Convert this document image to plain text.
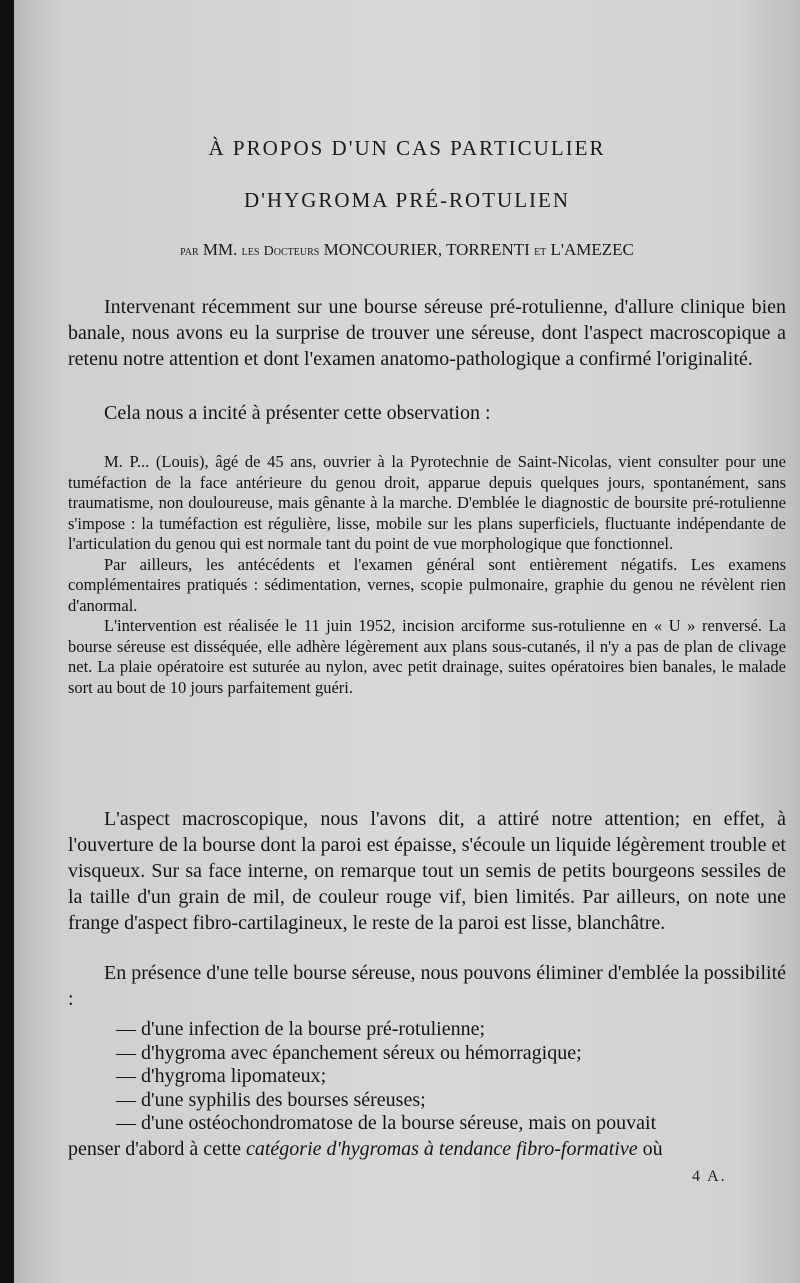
À PROPOS D'UN CAS PARTICULIER
D'HYGROMA PRÉ-ROTULIEN
par MM. les Docteurs MONCOURIER, TORRENTI et L'AMEZEC

Intervenant récemment sur une bourse séreuse pré-rotulienne, d'allure clinique bien banale, nous avons eu la surprise de trouver une séreuse, dont l'aspect macroscopique a retenu notre attention et dont l'examen anatomo-pathologique a confirmé l'originalité.

Cela nous a incité à présenter cette observation :

M. P... (Louis), âgé de 45 ans, ouvrier à la Pyrotechnie de Saint-Nicolas, vient consulter pour une tuméfaction de la face antérieure du genou droit, apparue depuis quelques jours, spontanément, sans traumatisme, non douloureuse, mais gênante à la marche. D'emblée le diagnostic de boursite pré-rotulienne s'impose : la tuméfaction est régulière, lisse, mobile sur les plans superficiels, fluctuante indépendante de l'articulation du genou qui est normale tant du point de vue morphologique que fonctionnel.

Par ailleurs, les antécédents et l'examen général sont entièrement négatifs. Les examens complémentaires pratiqués : sédimentation, vernes, scopie pulmonaire, graphie du genou ne révèlent rien d'anormal.

L'intervention est réalisée le 11 juin 1952, incision arciforme sus-rotulienne en « U » renversé. La bourse séreuse est disséquée, elle adhère légèrement aux plans sous-cutanés, il n'y a pas de plan de clivage net. La plaie opératoire est suturée au nylon, avec petit drainage, suites opératoires bien banales, le malade sort au bout de 10 jours parfaitement guéri.

L'aspect macroscopique, nous l'avons dit, a attiré notre attention; en effet, à l'ouverture de la bourse dont la paroi est épaisse, s'écoule un liquide légèrement trouble et visqueux. Sur sa face interne, on remarque tout un semis de petits bourgeons sessiles de la taille d'un grain de mil, de couleur rouge vif, bien limités. Par ailleurs, on note une frange d'aspect fibro-cartilagineux, le reste de la paroi est lisse, blanchâtre.

En présence d'une telle bourse séreuse, nous pouvons éliminer d'emblée la possibilité :

— d'une infection de la bourse pré-rotulienne;

— d'hygroma avec épanchement séreux ou hémorragique;

— d'hygroma lipomateux;

— d'une syphilis des bourses séreuses;

— d'une ostéochondromatose de la bourse séreuse, mais on pouvait

penser d'abord à cette catégorie d'hygromas à tendance fibro-formative où
4 A.
